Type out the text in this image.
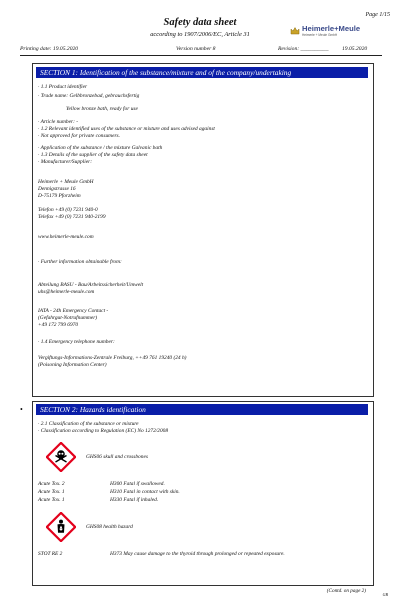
Page 1/15
Safety data sheet
according to 1907/2006/EC, Article 31
Heimerle+Meule
Heimerle + Meule GmbH
Printing date: 19.05.2020	Version number 8	Revision: __________ 19.05.2020
SECTION 1: Identification of the substance/mixture and of the company/undertaking
· 1.1 Product identifier
· Trade name: Gelbbronzebad, gebrauchsfertig
Yellow bronze bath, ready for use
· Article number: -
· 1.2 Relevant identified uses of the substance or mixture and uses advised against
· Not approved for private consumers.
· Application of the substance / the mixture Galvanic bath
· 1.3 Details of the supplier of the safety data sheet
· Manufacturer/Supplier:
Heimerle + Meule GmbH
Dennigstrasse 16
D-75179 Pforzheim
Telefon +49 (0) 7231 940-0
Telefax +49 (0) 7231 940-2199
www.heimerle-meule.com
· Further information obtainable from:
Abteilung BASU - Bau/Arbeitssicherheit/Umwelt
uhs@heimerle-meule.com
IATA - 24h Emergency Contact -
(Gefahrgut-Notrufnummer)
+49 172 799 6970
· 1.4 Emergency telephone number:
Vergiftungs-Informations-Zentrale Freiburg, ++49 761 19240 (24 h)
(Poisoning Information Center)
•	SECTION 2: Hazards identification
· 2.1 Classification of the substance or mixture
· Classification according to Regulation (EC) No 1272/2008
GHS06 skull and crossbones
Acute Tox. 2	H300 Fatal if swallowed.
Acute Tox. 1	H310 Fatal in contact with skin.
Acute Tox. 1	H330 Fatal if inhaled.
GHS08 health hazard
STOT RE 2	H373 May cause damage to the thyroid through prolonged or repeated exposure.
(Contd. on page 2)
GB
